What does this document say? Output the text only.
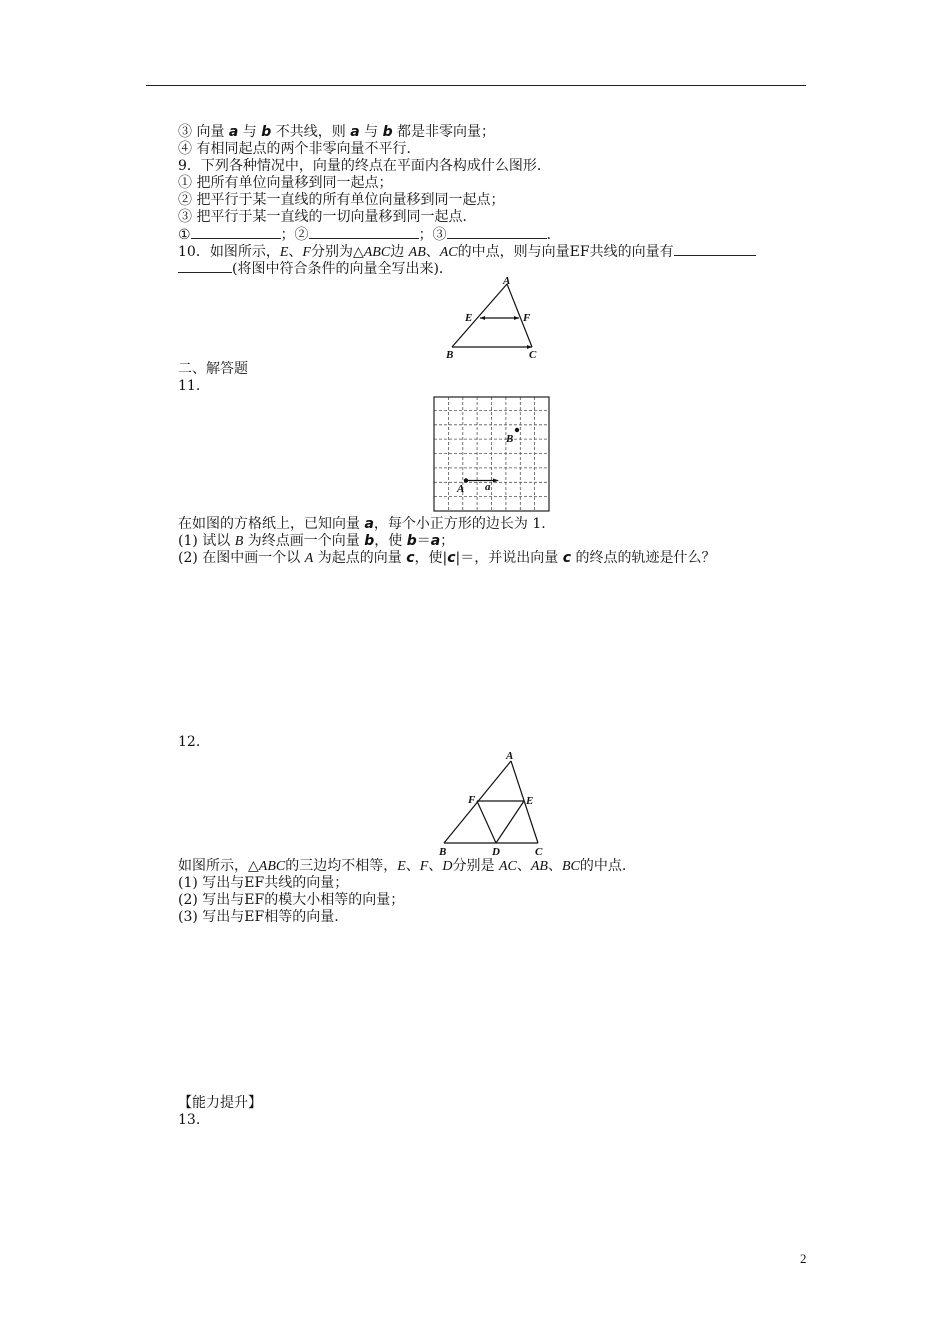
③ 向量 a 与 b 不共线，则 a 与 b 都是非零向量；
④ 有相同起点的两个非零向量不平行．
9．下列各种情况中，向量的终点在平面内各构成什么图形．
① 把所有单位向量移到同一起点；
② 把平行于某一直线的所有单位向量移到同一起点；
③ 把平行于某一直线的一切向量移到同一起点．
①	；②	；③	．
10．如图所示，E、F分别为△ABC边 AB、AC的中点，则与向量EF共线的向量有
(将图中符合条件的向量全写出来)．
A
E	F
B	C
二、解答题
11.
A
B
a
在如图的方格纸上，已知向量 a，每个小正方形的边长为 1.
(1) 试以 B 为终点画一个向量 b，使 b＝a；
(2) 在图中画一个以 A 为起点的向量 c，使|c|＝，并说出向量 c 的终点的轨迹是什么？
12.
A
F	E
B	D	C
如图所示，△ABC的三边均不相等，E、F、D分别是 AC、AB、BC的中点.
(1) 写出与EF共线的向量；
(2) 写出与EF的模大小相等的向量；
(3) 写出与EF相等的向量.
【能力提升】
13.
2
